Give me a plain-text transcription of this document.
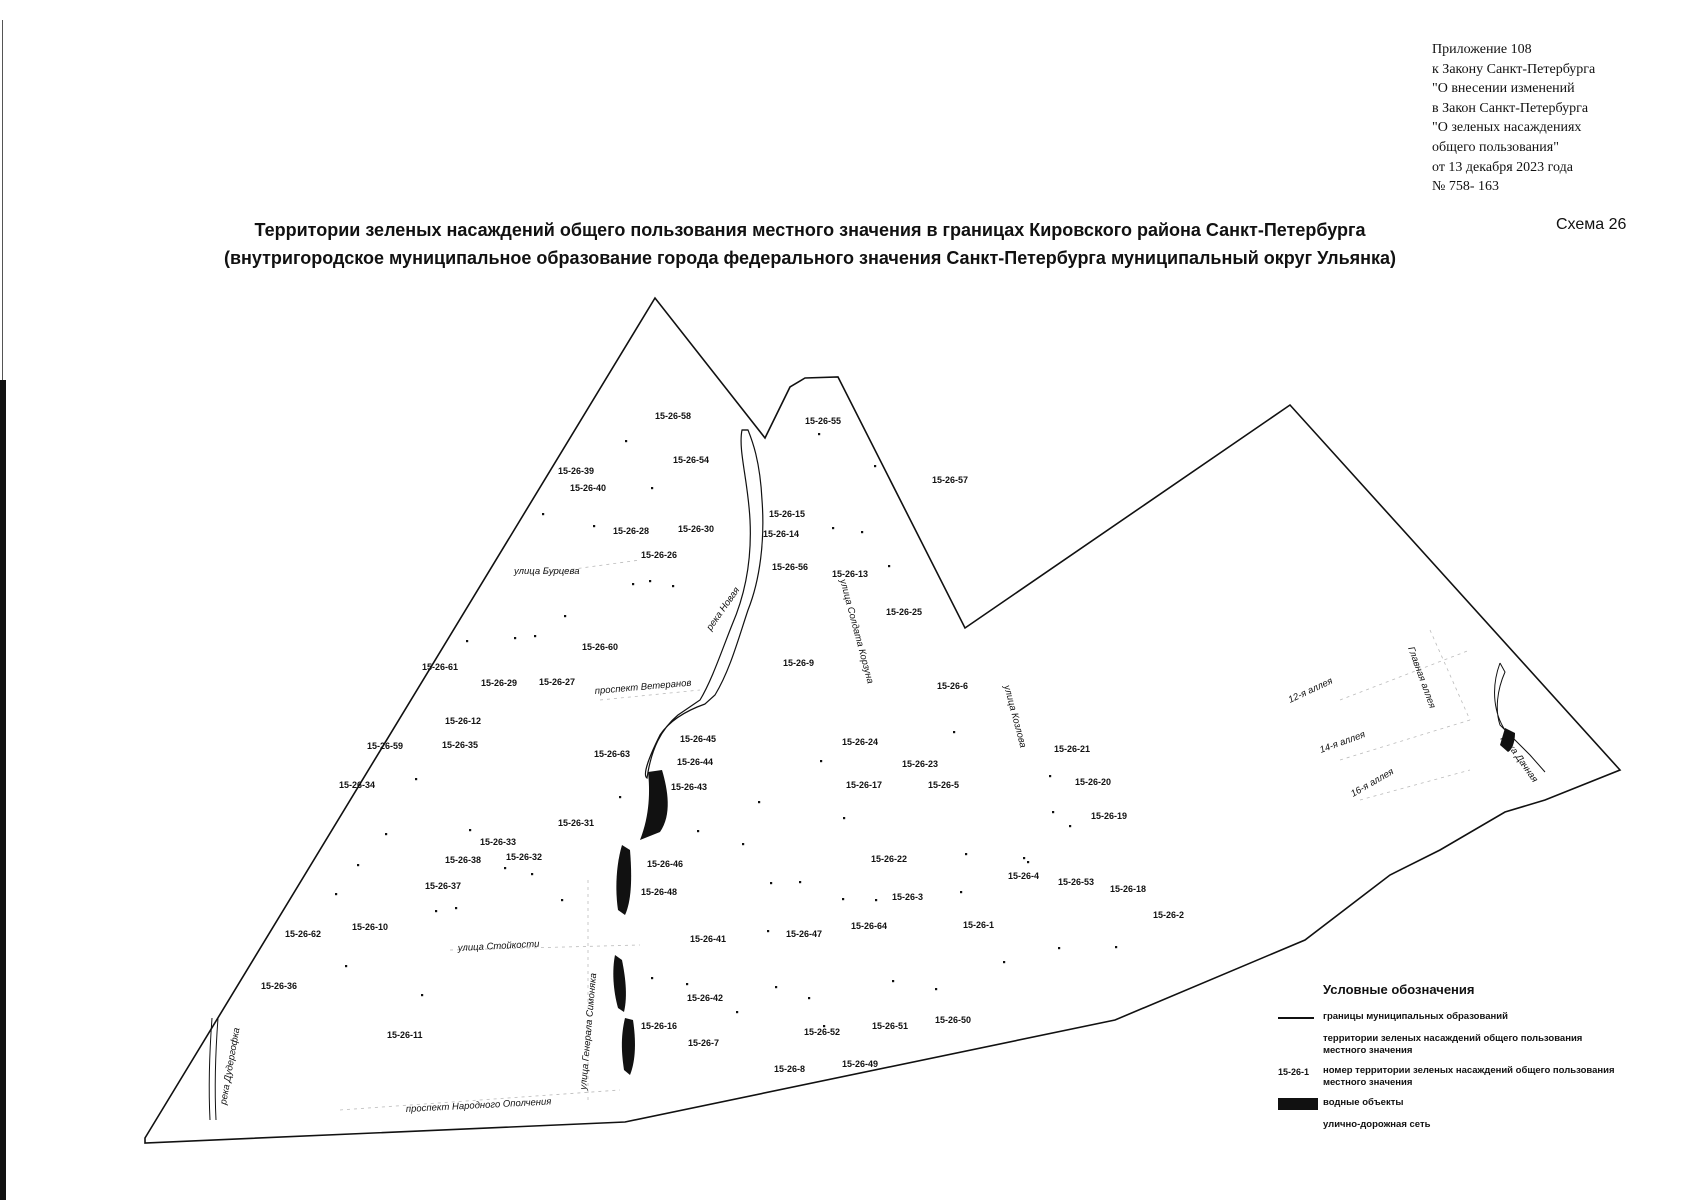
Приложение 108
к Закону Санкт-Петербурга
"О внесении изменений
в Закон Санкт-Петербурга
"О зеленых насаждениях
общего пользования"
от 13 декабря 2023 года
№ 758- 163
Территории зеленых насаждений общего пользования местного значения в границах Кировского района Санкт-Петербурга
(внутригородское муниципальное образование города федерального значения Санкт-Петербурга муниципальный округ Ульянка)
Схема 26
15-26-58	15-26-55
15-26-54
15-26-39
15-26-40
15-26-57
15-26-15
15-26-14
15-26-28	15-26-30
15-26-26
15-26-56
15-26-13
15-26-25
15-26-60
15-26-9
15-26-61
15-26-29 15-26-27	15-26-6
15-26-12
15-26-45	15-26-24
15-26-59	15-26-35
15-26-63
15-26-44	15-26-23
15-26-21
15-26-34	15-26-43	15-26-17	15-26-5	15-26-20
15-26-31
15-26-19
15-26-33
15-26-38	15-26-32
15-26-46	15-26-22
15-26-37
15-26-48
15-26-4
15-26-53
15-26-18
15-26-3
15-26-2
15-26-62
15-26-10
15-26-41	15-26-47
15-26-64	15-26-1
15-26-36
15-26-42
15-26-11
15-26-16
15-26-52
15-26-51
15-26-50
15-26-7
15-26-8	15-26-49
улица Бурцева
река Новая	улица Солдата Корзуна
проспект Ветеранов	улица Козлова	12-я аллея	Главная аллея
14-я аллея	река Дачная
16-я аллея
улица Стойкости
улица Генерала Симоняка
проспект Народного Ополчения
река Дудергофка
Условные обозначения
границы муниципальных образований
территории зеленых насаждений общего пользования местного значения
15-26-1 номер территории зеленых насаждений общего пользования местного значения
водные объекты
улично-дорожная сеть
